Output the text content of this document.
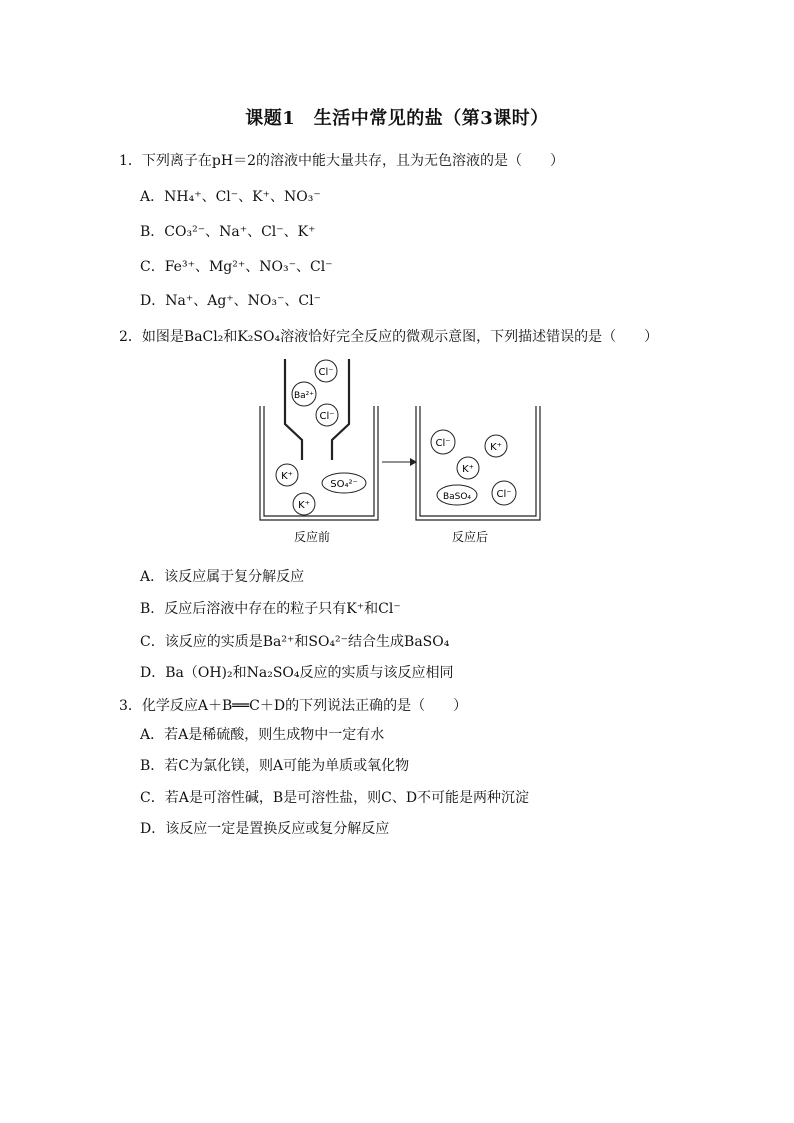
课题1　生活中常见的盐（第3课时）
1．下列离子在pH＝2的溶液中能大量共存，且为无色溶液的是（　　）
A．NH₄⁺、Cl⁻、K⁺、NO₃⁻
B．CO₃²⁻、Na⁺、Cl⁻、K⁺
C．Fe³⁺、Mg²⁺、NO₃⁻、Cl⁻
D．Na⁺、Ag⁺、NO₃⁻、Cl⁻
2．如图是BaCl₂和K₂SO₄溶液恰好完全反应的微观示意图，下列描述错误的是（　　）
Cl⁻
Ba²⁺
Cl⁻
K⁺
SO₄²⁻
K⁺
Cl⁻	K⁺
K⁺
BaSO₄	Cl⁻
反应前	反应后
A．该反应属于复分解反应
B．反应后溶液中存在的粒子只有K⁺和Cl⁻
C．该反应的实质是Ba²⁺和SO₄²⁻结合生成BaSO₄
D．Ba（OH)₂和Na₂SO₄反应的实质与该反应相同
3．化学反应A＋B══C＋D的下列说法正确的是（　　）
A．若A是稀硫酸，则生成物中一定有水
B．若C为氯化镁，则A可能为单质或氧化物
C．若A是可溶性碱，B是可溶性盐，则C、D不可能是两种沉淀
D．该反应一定是置换反应或复分解反应
